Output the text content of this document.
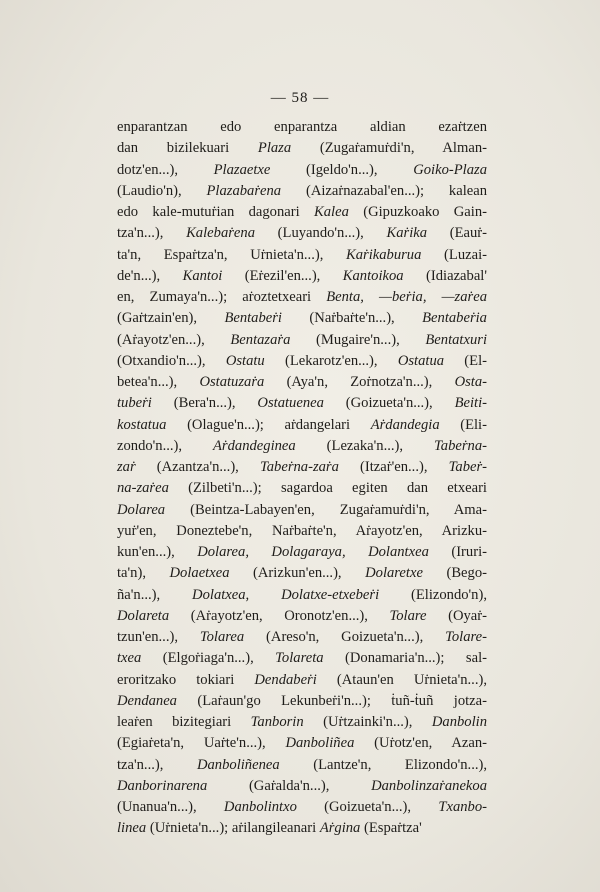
— 58 —
enparantzan edo enparantza aldian ezaṙtzen
dan bizilekuari Plaza (Zugaṙamuṙdi'n, Alman-
dotz'en...), Plazaetxe (Igeldo'n...), Goiko-Plaza
(Laudio'n), Plazabaṙena (Aizaṙnazabal'en...); kalean
edo kale-mutuṙian dagonari Kalea (Gipuzkoako Gain-
tza'n...), Kalebaṙena (Luyando'n...), Kaṙika (Eauṙ-
ta'n, Espaṙtza'n, Uṙnieta'n...), Kaṙikaburua (Luzai-
de'n...), Kantoi (Eṙezil'en...), Kantoikoa (Idiazabal'
en, Zumaya'n...); aṙoztetxeari Benta, —beṙia, —zaṙea
(Gaṙtzain'en), Bentabeṙi (Naṙbaṙte'n...), Bentabeṙia
(Aṙayotz'en...), Bentazaṙa (Mugaire'n...), Bentatxuri
(Otxandio'n...), Ostatu (Lekarotz'en...), Ostatua (El-
betea'n...), Ostatuzaṙa (Aya'n, Zoṙnotza'n...), Osta-
tubeṙi (Bera'n...), Ostatuenea (Goizueta'n...), Beiti-
kostatua (Olague'n...); aṙdangelari Aṙdandegia (Eli-
zondo'n...), Aṙdandeginea (Lezaka'n...), Tabeṙna-
zaṙ (Azantza'n...), Tabeṙna-zaṙa (Itzaṙ'en...), Tabeṙ-
na-zaṙea (Zilbeti'n...); sagardoa egiten dan etxeari
Dolarea (Beintza-Labayen'en, Zugaṙamuṙdi'n, Ama-
yuṙ'en, Doneztebe'n, Naṙbaṙte'n, Aṙayotz'en, Arizku-
kun'en...), Dolarea, Dolagaraya, Dolantxea (Iruri-
ta'n), Dolaetxea (Arizkun'en...), Dolaretxe (Bego-
ña'n...), Dolatxea, Dolatxe-etxebeṙi (Elizondo'n),
Dolareta (Aṙayotz'en, Oronotz'en...), Tolare (Oyaṙ-
tzun'en...), Tolarea (Areso'n, Goizueta'n...), Tolare-
txea (Elgoṙiaga'n...), Tolareta (Donamaria'n...); sal-
eroritzako tokiari Dendabeṙi (Ataun'en Uṙnieta'n...),
Dendanea (Laṙaun'go Lekunbeṙi'n...); ṫuñ-ṫuñ jotza-
leaṙen bizitegiari Tanborin (Uṙtzainki'n...), Danbolin
(Egiaṙeta'n, Uaṙte'n...), Danboliñea (Uṙotz'en, Azan-
tza'n...), Danboliñenea (Lantze'n, Elizondo'n...),
Danborinarena (Gaṙalda'n...), Danbolinzaṙanekoa
(Unanua'n...), Danbolintxo (Goizueta'n...), Txanbo-
linea (Uṙnieta'n...); aṙilangileanari Aṙgina (Espaṙtza'
